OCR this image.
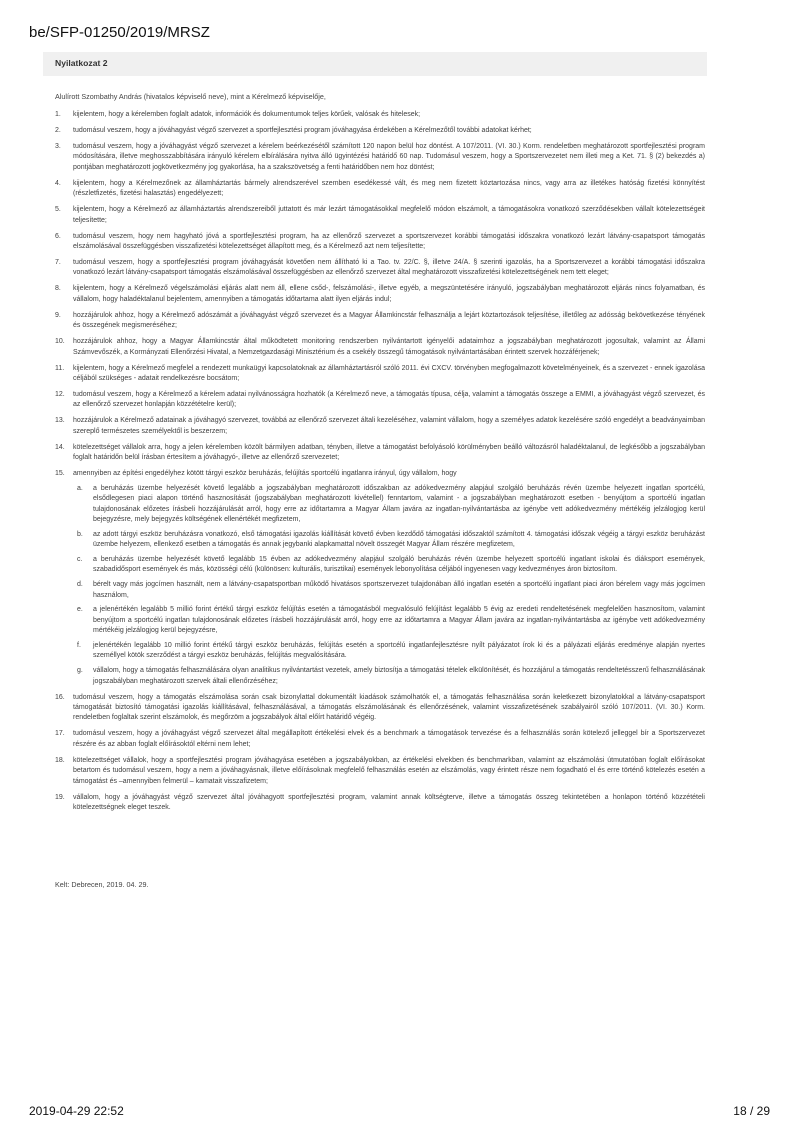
be/SFP-01250/2019/MRSZ
Nyilatkozat 2
Alulírott Szombathy András (hivatalos képviselő neve), mint a Kérelmező képviselője,
1. kijelentem, hogy a kérelemben foglalt adatok, információk és dokumentumok teljes körűek, valósak és hitelesek;
2. tudomásul veszem, hogy a jóváhagyást végző szervezet a sportfejlesztési program jóváhagyása érdekében a Kérelmezőtől további adatokat kérhet;
3. tudomásul veszem, hogy a jóváhagyást végző szervezet a kérelem beérkezésétől számított 120 napon belül hoz döntést. A 107/2011. (VI. 30.) Korm. rendeletben meghatározott sportfejlesztési program módosítására, illetve meghosszabbítására irányuló kérelem elbírálására nyitva álló ügyintézési határidő 60 nap. Tudomásul veszem, hogy a Sportszervezetet nem illeti meg a Ket. 71. § (2) bekezdés a) pontjában meghatározott jogkövetkezmény jog gyakorlása, ha a szakszövetség a fenti határidőben nem hoz döntést;
4. kijelentem, hogy a Kérelmezőnek az államháztartás bármely alrendszerével szemben esedékessé vált, és meg nem fizetett köztartozása nincs, vagy arra az illetékes hatóság fizetési könnyítést (részletfizetés, fizetési halasztás) engedélyezett;
5. kijelentem, hogy a Kérelmező az államháztartás alrendszereiből juttatott és már lezárt támogatásokkal megfelelő módon elszámolt, a támogatásokra vonatkozó szerződésekben vállalt kötelezettségeit teljesítette;
6. tudomásul veszem, hogy nem hagyható jóvá a sportfejlesztési program, ha az ellenőrző szervezet a sportszervezet korábbi támogatási időszakra vonatkozó lezárt látvány-csapatsport támogatás elszámolásával összefüggésben visszafizetési kötelezettséget állapított meg, és a Kérelmező azt nem teljesítette;
7. tudomásul veszem, hogy a sportfejlesztési program jóváhagyását követően nem állítható ki a Tao. tv. 22/C. §, illetve 24/A. § szerinti igazolás, ha a Sportszervezet a korábbi támogatási időszakra vonatkozó lezárt látvány-csapatsport támogatás elszámolásával összefüggésben az ellenőrző szervezet által meghatározott visszafizetési kötelezettségének nem tett eleget;
8. kijelentem, hogy a Kérelmező végelszámolási eljárás alatt nem áll, ellene csőd-, felszámolási-, illetve egyéb, a megszüntetésére irányuló, jogszabályban meghatározott eljárás nincs folyamatban, és vállalom, hogy haladéktalanul bejelentem, amennyiben a támogatás időtartama alatt ilyen eljárás indul;
9. hozzájárulok ahhoz, hogy a Kérelmező adószámát a jóváhagyást végző szervezet és a Magyar Államkincstár felhasználja a lejárt köztartozások teljesítése, illetőleg az adósság bekövetkezése tényének és összegének megismeréséhez;
10. hozzájárulok ahhoz, hogy a Magyar Államkincstár által működtetett monitoring rendszerben nyilvántartott igényelői adataimhoz a jogszabályban meghatározott jogosultak, valamint az Állami Számvevőszék, a Kormányzati Ellenőrzési Hivatal, a Nemzetgazdasági Minisztérium és a csekély összegű támogatások nyilvántartásában érintett szervek hozzáférjenek;
11. kijelentem, hogy a Kérelmező megfelel a rendezett munkaügyi kapcsolatoknak az államháztartásról szóló 2011. évi CXCV. törvényben megfogalmazott követelményeinek, és a szervezet - ennek igazolása céljából szükséges - adatait rendelkezésre bocsátom;
12. tudomásul veszem, hogy a Kérelmező a kérelem adatai nyilvánosságra hozhatók (a Kérelmező neve, a támogatás típusa, célja, valamint a támogatás összege a EMMI, a jóváhagyást végző szervezet, és az ellenőrző szervezet honlapján közzétételre kerül);
13. hozzájárulok a Kérelmező adatainak a jóváhagyó szervezet, továbbá az ellenőrző szervezet általi kezeléséhez, valamint vállalom, hogy a személyes adatok kezelésére szóló engedélyt a beadványaimban szereplő természetes személyektől is beszerzem;
14. kötelezettséget vállalok arra, hogy a jelen kérelemben közölt bármilyen adatban, tényben, illetve a támogatást befolyásoló körülményben beálló változásról haladéktalanul, de legkésőbb a jogszabályban foglalt határidőn belül írásban értesítem a jóváhagyó-, illetve az ellenőrző szervezetet;
15. amennyiben az építési engedélyhez kötött tárgyi eszköz beruházás, felújítás sportcélú ingatlanra irányul, úgy vállalom, hogy
a. a beruházás üzembe helyezését követő legalább a jogszabályban meghatározott időszakban az adókedvezmény alapjául szolgáló beruházás révén üzembe helyezett ingatlan sportcélú, elsődlegesen piaci alapon történő hasznosítását (jogszabályban meghatározott kivétellel) fenntartom, valamint - a jogszabályban meghatározott esetben - benyújtom a sportcélú ingatlan tulajdonosának előzetes írásbeli hozzájárulását arról, hogy erre az időtartamra a Magyar Állam javára az ingatlan-nyilvántartásba az igénybe vett adókedvezmény mértékéig jelzálogjog kerül bejegyzésre, mely bejegyzés költségének ellenértékét megfizetem,
b. az adott tárgyi eszköz beruházásra vonatkozó, első támogatási igazolás kiállítását követő évben kezdődő támogatási időszaktól számított 4. támogatási időszak végéig a tárgyi eszköz beruházást üzembe helyezem, ellenkező esetben a támogatás és annak jegybanki alapkamattal növelt összegét Magyar Állam részére megfizetem,
c. a beruházás üzembe helyezését követő legalább 15 évben az adókedvezmény alapjául szolgáló beruházás révén üzembe helyezett sportcélú ingatlant iskolai és diáksport események, szabadidősport események és más, közösségi célú (különösen: kulturális, turisztikai) események lebonyolítása céljából ingyenesen vagy kedvezményes áron biztosítom.
d. bérelt vagy más jogcímen használt, nem a látvány-csapatsportban működő hivatásos sportszervezet tulajdonában álló ingatlan esetén a sportcélú ingatlant piaci áron bérelem vagy más jogcímen használom,
e. a jelenértékén legalább 5 millió forint értékű tárgyi eszköz felújítás esetén a támogatásból megvalósuló felújítást legalább 5 évig az eredeti rendeltetésének megfelelően hasznosítom, valamint benyújtom a sportcélú ingatlan tulajdonosának előzetes írásbeli hozzájárulását arról, hogy erre az időtartamra a Magyar Állam javára az ingatlan-nyilvántartásba az igénybe vett adókedvezmény mértékéig jelzálogjog kerül bejegyzésre,
f. jelenértékén legalább 10 millió forint értékű tárgyi eszköz beruházás, felújítás esetén a sportcélú ingatlanfejlesztésre nyílt pályázatot írok ki és a pályázati eljárás eredménye alapján nyertes személlyel kötök szerződést a tárgyi eszköz beruházás, felújítás megvalósítására.
g. vállalom, hogy a támogatás felhasználására olyan analitikus nyilvántartást vezetek, amely biztosítja a támogatási tételek elkülönítését, és hozzájárul a támogatás rendeltetésszerű felhasználásának jogszabályban meghatározott szervek általi ellenőrzéséhez;
16. tudomásul veszem, hogy a támogatás elszámolása során csak bizonylattal dokumentált kiadások számolhatók el, a támogatás felhasználása során keletkezett bizonylatokkal a látvány-csapatsport támogatását biztosító támogatási igazolás kiállításával, felhasználásával, a támogatás elszámolásának és ellenőrzésének, valamint visszafizetésének szabályairól szóló 107/2011. (VI. 30.) Korm. rendeletben foglaltak szerint elszámolok, és megőrzöm a jogszabályok által előírt határidő végéig.
17. tudomásul veszem, hogy a jóváhagyást végző szervezet által megállapított értékelési elvek és a benchmark a támogatások tervezése és a felhasználás során kötelező jelleggel bír a Sportszervezet részére és az abban foglalt előírásoktól eltérni nem lehet;
18. kötelezettséget vállalok, hogy a sportfejlesztési program jóváhagyása esetében a jogszabályokban, az értékelési elvekben és benchmarkban, valamint az elszámolási útmutatóban foglalt előírásokat betartom és tudomásul veszem, hogy a nem a jóváhagyásnak, illetve előírásoknak megfelelő felhasználás esetén az elszámolás, vagy érintett része nem fogadható el és erre történő kötelezés esetén a támogatást és –amennyiben felmerül – kamatait visszafizetem;
19. vállalom, hogy a jóváhagyást végző szervezet által jóváhagyott sportfejlesztési program, valamint annak költségterve, illetve a támogatás összeg tekintetében a honlapon történő közzétételi kötelezettségnek eleget teszek.
Kelt: Debrecen, 2019. 04. 29.
2019-04-29 22:52	18 / 29
